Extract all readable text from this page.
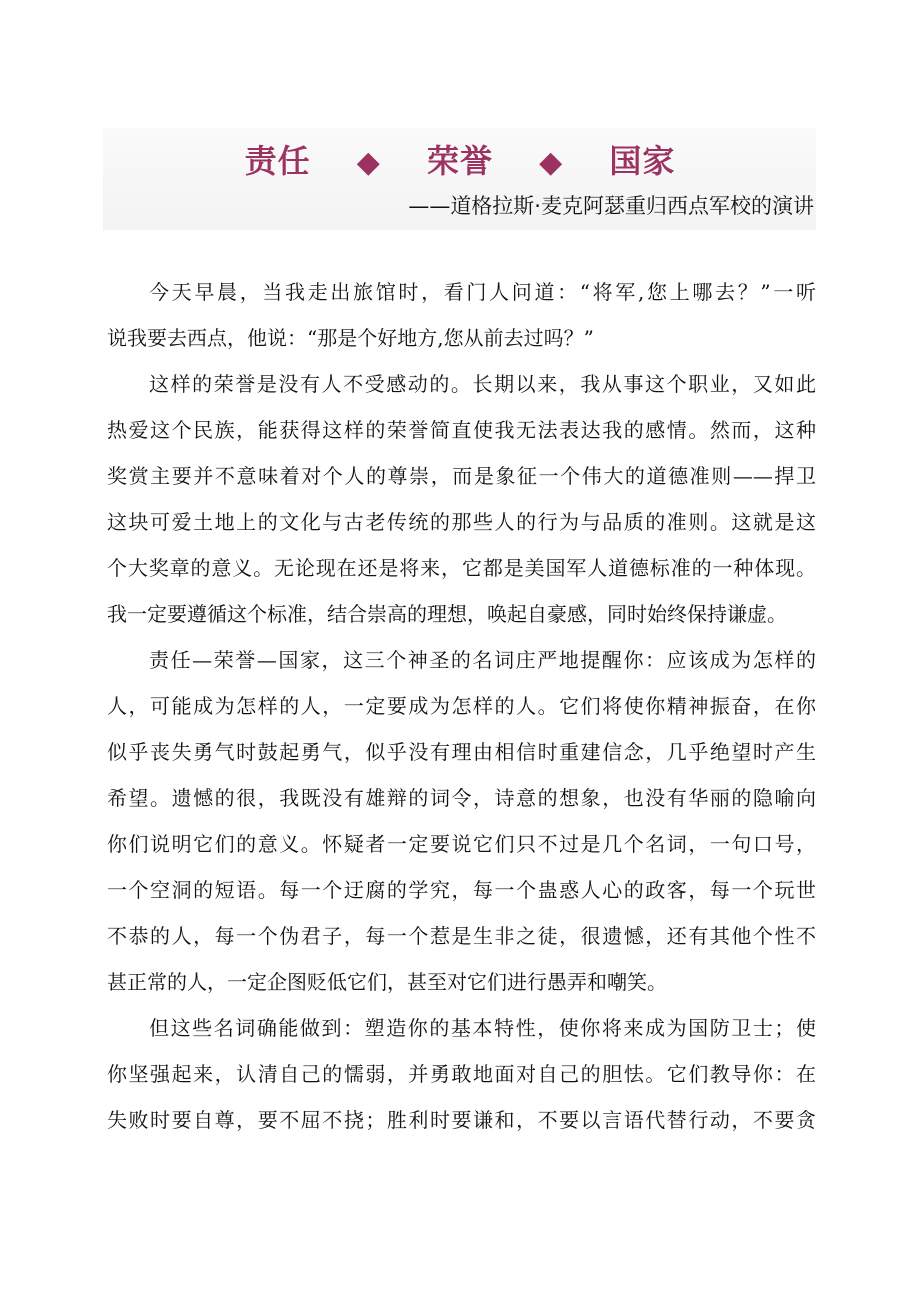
责任 ◆ 荣誉 ◆ 国家
——道格拉斯·麦克阿瑟重归西点军校的演讲
今天早晨，当我走出旅馆时，看门人问道：“将军,您上哪去？”一听
说我要去西点，他说：“那是个好地方,您从前去过吗？”
这样的荣誉是没有人不受感动的。长期以来，我从事这个职业，又如此
热爱这个民族，能获得这样的荣誉简直使我无法表达我的感情。然而，这种
奖赏主要并不意味着对个人的尊崇，而是象征一个伟大的道德准则——捍卫
这块可爱土地上的文化与古老传统的那些人的行为与品质的准则。这就是这
个大奖章的意义。无论现在还是将来，它都是美国军人道德标准的一种体现。
我一定要遵循这个标准，结合崇高的理想，唤起自豪感，同时始终保持谦虚。
责任—荣誉—国家，这三个神圣的名词庄严地提醒你：应该成为怎样的
人，可能成为怎样的人，一定要成为怎样的人。它们将使你精神振奋，在你
似乎丧失勇气时鼓起勇气，似乎没有理由相信时重建信念，几乎绝望时产生
希望。遗憾的很，我既没有雄辩的词令，诗意的想象，也没有华丽的隐喻向
你们说明它们的意义。怀疑者一定要说它们只不过是几个名词，一句口号，
一个空洞的短语。每一个迂腐的学究，每一个蛊惑人心的政客，每一个玩世
不恭的人，每一个伪君子，每一个惹是生非之徒，很遗憾，还有其他个性不
甚正常的人，一定企图贬低它们，甚至对它们进行愚弄和嘲笑。
但这些名词确能做到：塑造你的基本特性，使你将来成为国防卫士；使
你坚强起来，认清自己的懦弱，并勇敢地面对自己的胆怯。它们教导你：在
失败时要自尊，要不屈不挠；胜利时要谦和，不要以言语代替行动，不要贪
